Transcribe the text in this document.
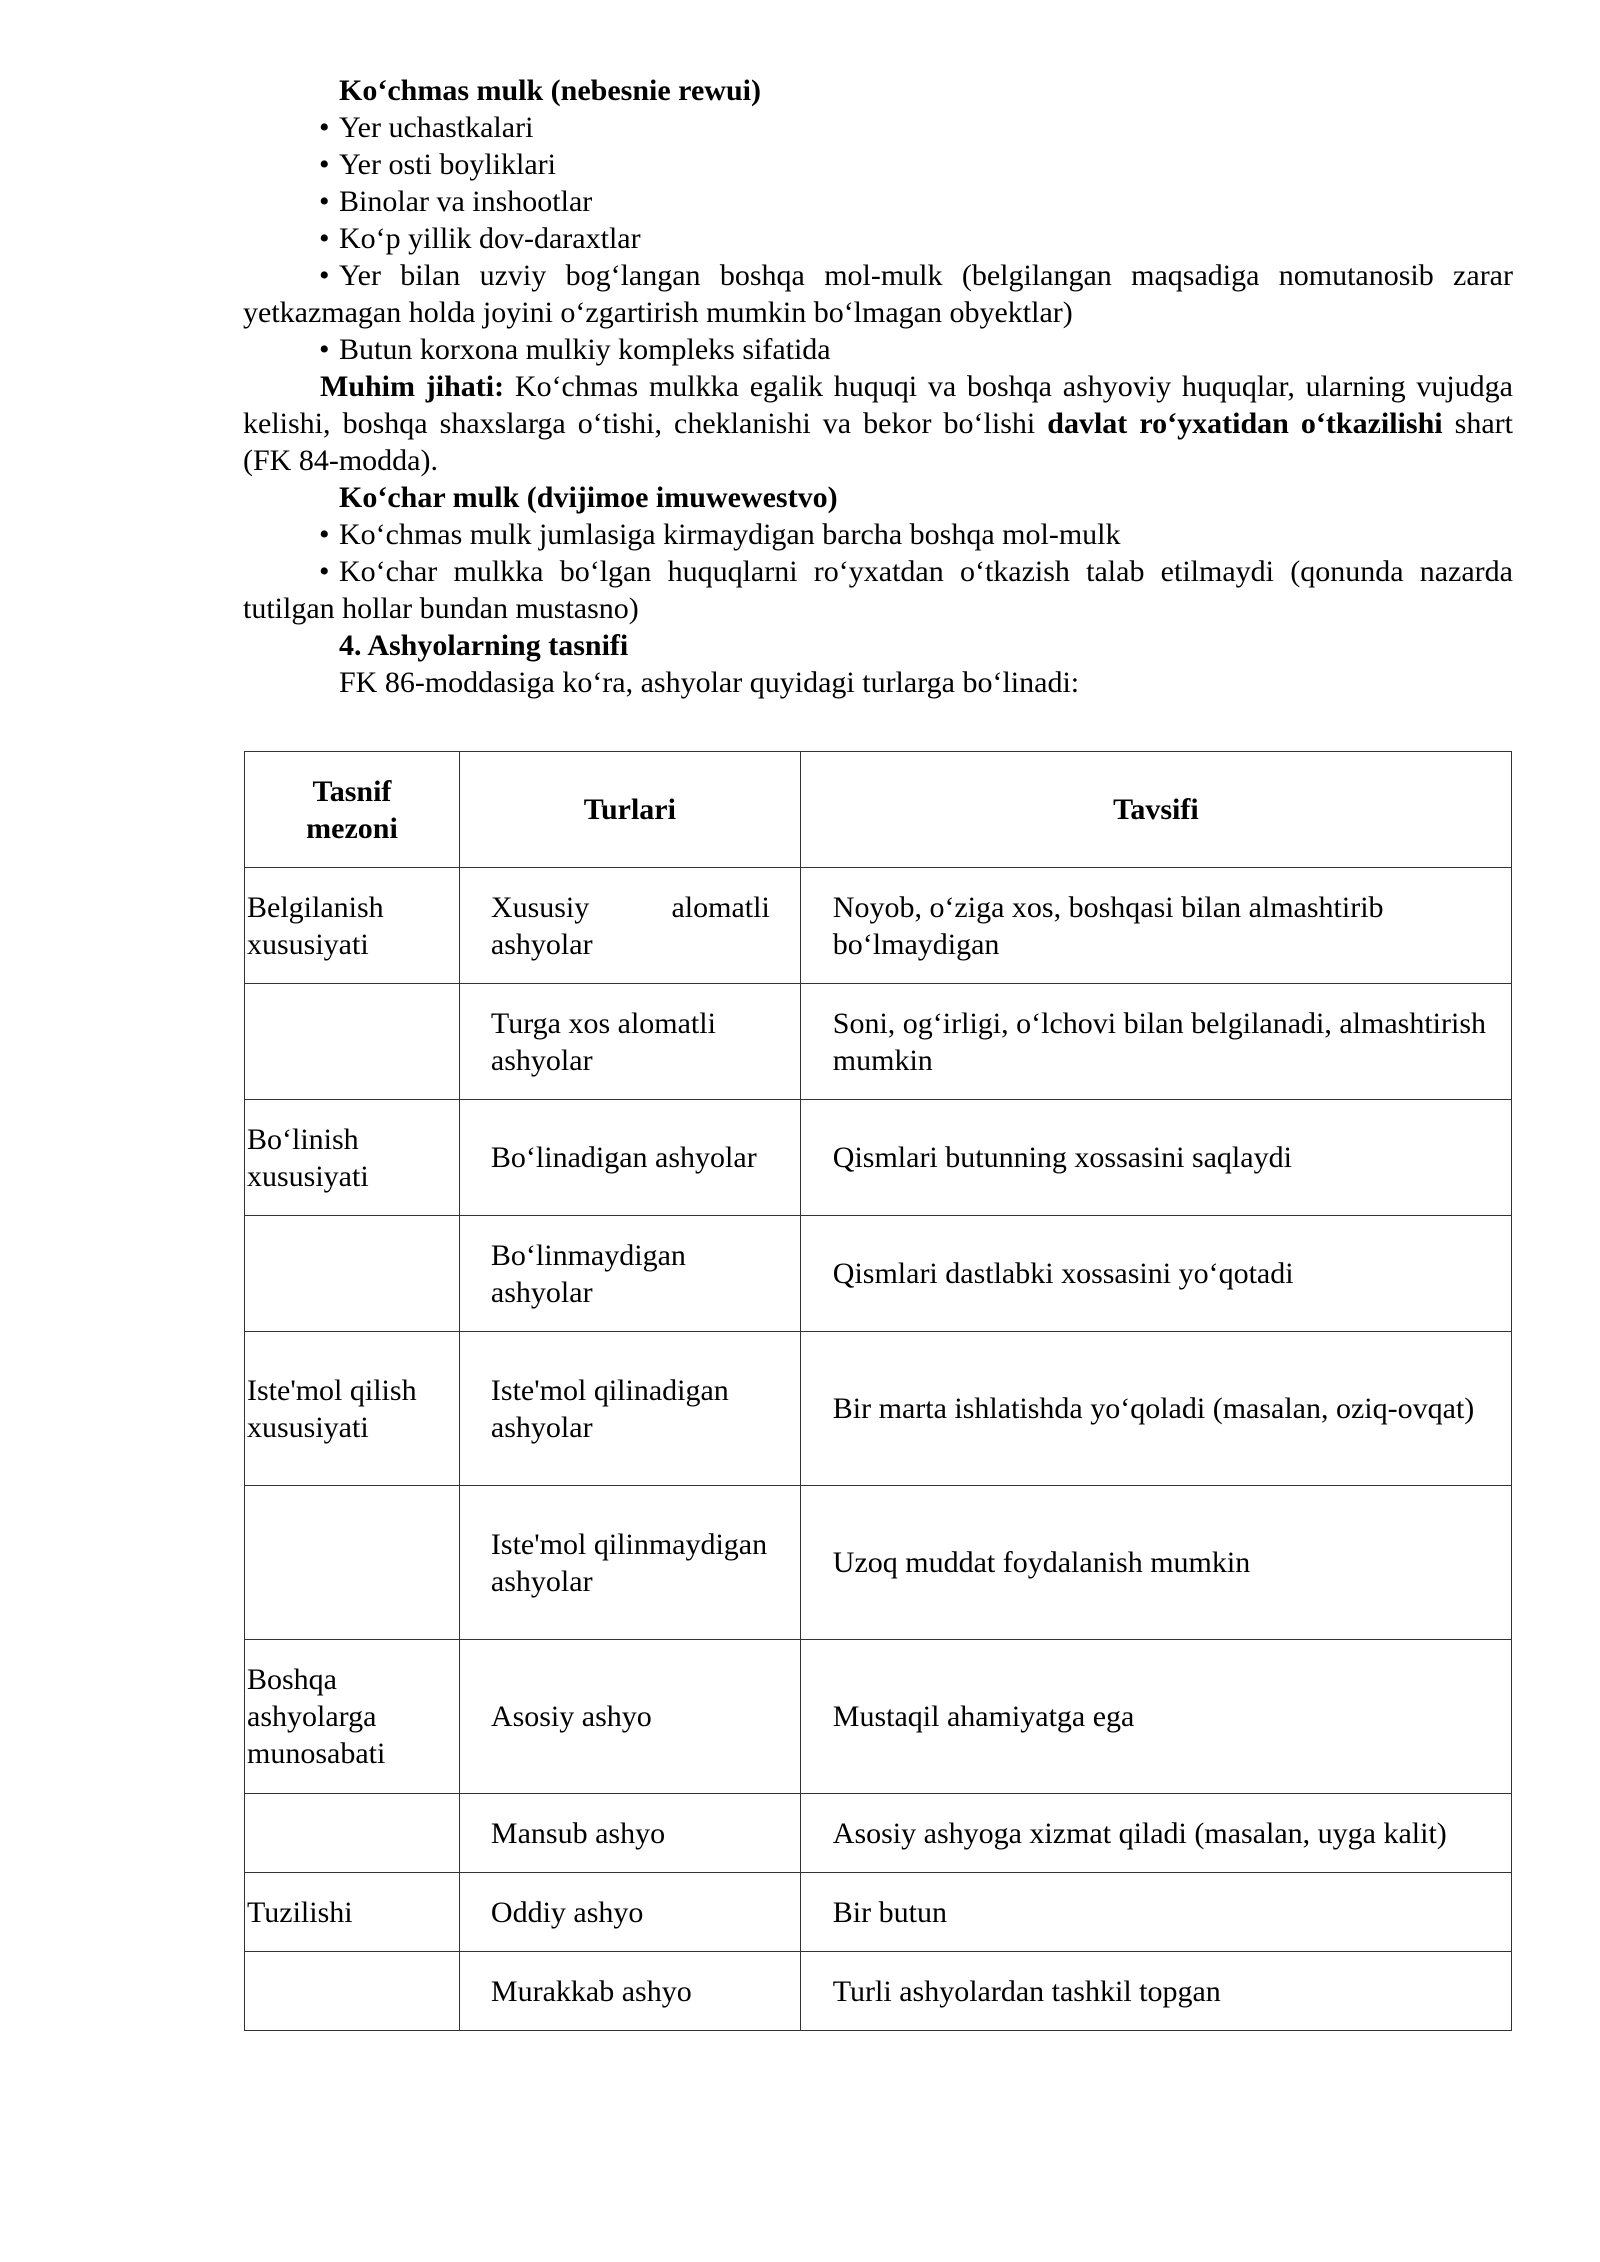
Ko‘chmas mulk (nebesnie rewui)

• Yer uchastkalari

• Yer osti boyliklari

• Binolar va inshootlar

• Ko‘p yillik dov-daraxtlar

• Yer bilan uzviy bog‘langan boshqa mol-mulk (belgilangan maqsadiga nomutanosib zarar yetkazmagan holda joyini o‘zgartirish mumkin bo‘lmagan obyektlar)

• Butun korxona mulkiy kompleks sifatida

Muhim jihati: Ko‘chmas mulkka egalik huquqi va boshqa ashyoviy huquqlar, ularning vujudga kelishi, boshqa shaxslarga o‘tishi, cheklanishi va bekor bo‘lishi davlat ro‘yxatidan o‘tkazilishi shart (FK 84-modda).

Ko‘char mulk (dvijimoe imuwewestvo)

• Ko‘chmas mulk jumlasiga kirmaydigan barcha boshqa mol-mulk

• Ko‘char mulkka bo‘lgan huquqlarni ro‘yxatdan o‘tkazish talab etilmaydi (qonunda nazarda tutilgan hollar bundan mustasno)

4. Ashyolarning tasnifi

FK 86-moddasiga ko‘ra, ashyolar quyidagi turlarga bo‘linadi:

Tasnif mezoni	Turlari	Tavsifi
Belgilanish xususiyati	Xususiy alomatli ashyolar	Noyob, o‘ziga xos, boshqasi bilan almashtirib bo‘lmaydigan
	Turga xos alomatli ashyolar	Soni, og‘irligi, o‘lchovi bilan belgilanadi, almashtirish mumkin
Bo‘linish xususiyati	Bo‘linadigan ashyolar	Qismlari butunning xossasini saqlaydi
	Bo‘linmaydigan ashyolar	Qismlari dastlabki xossasini yo‘qotadi
Iste'mol qilish xususiyati	Iste'mol qilinadigan ashyolar	Bir marta ishlatishda yo‘qoladi (masalan, oziq-ovqat)
	Iste'mol qilinmaydigan ashyolar	Uzoq muddat foydalanish mumkin
Boshqa ashyolarga munosabati	Asosiy ashyo	Mustaqil ahamiyatga ega
	Mansub ashyo	Asosiy ashyoga xizmat qiladi (masalan, uyga kalit)
Tuzilishi	Oddiy ashyo	Bir butun
	Murakkab ashyo	Turli ashyolardan tashkil topgan
